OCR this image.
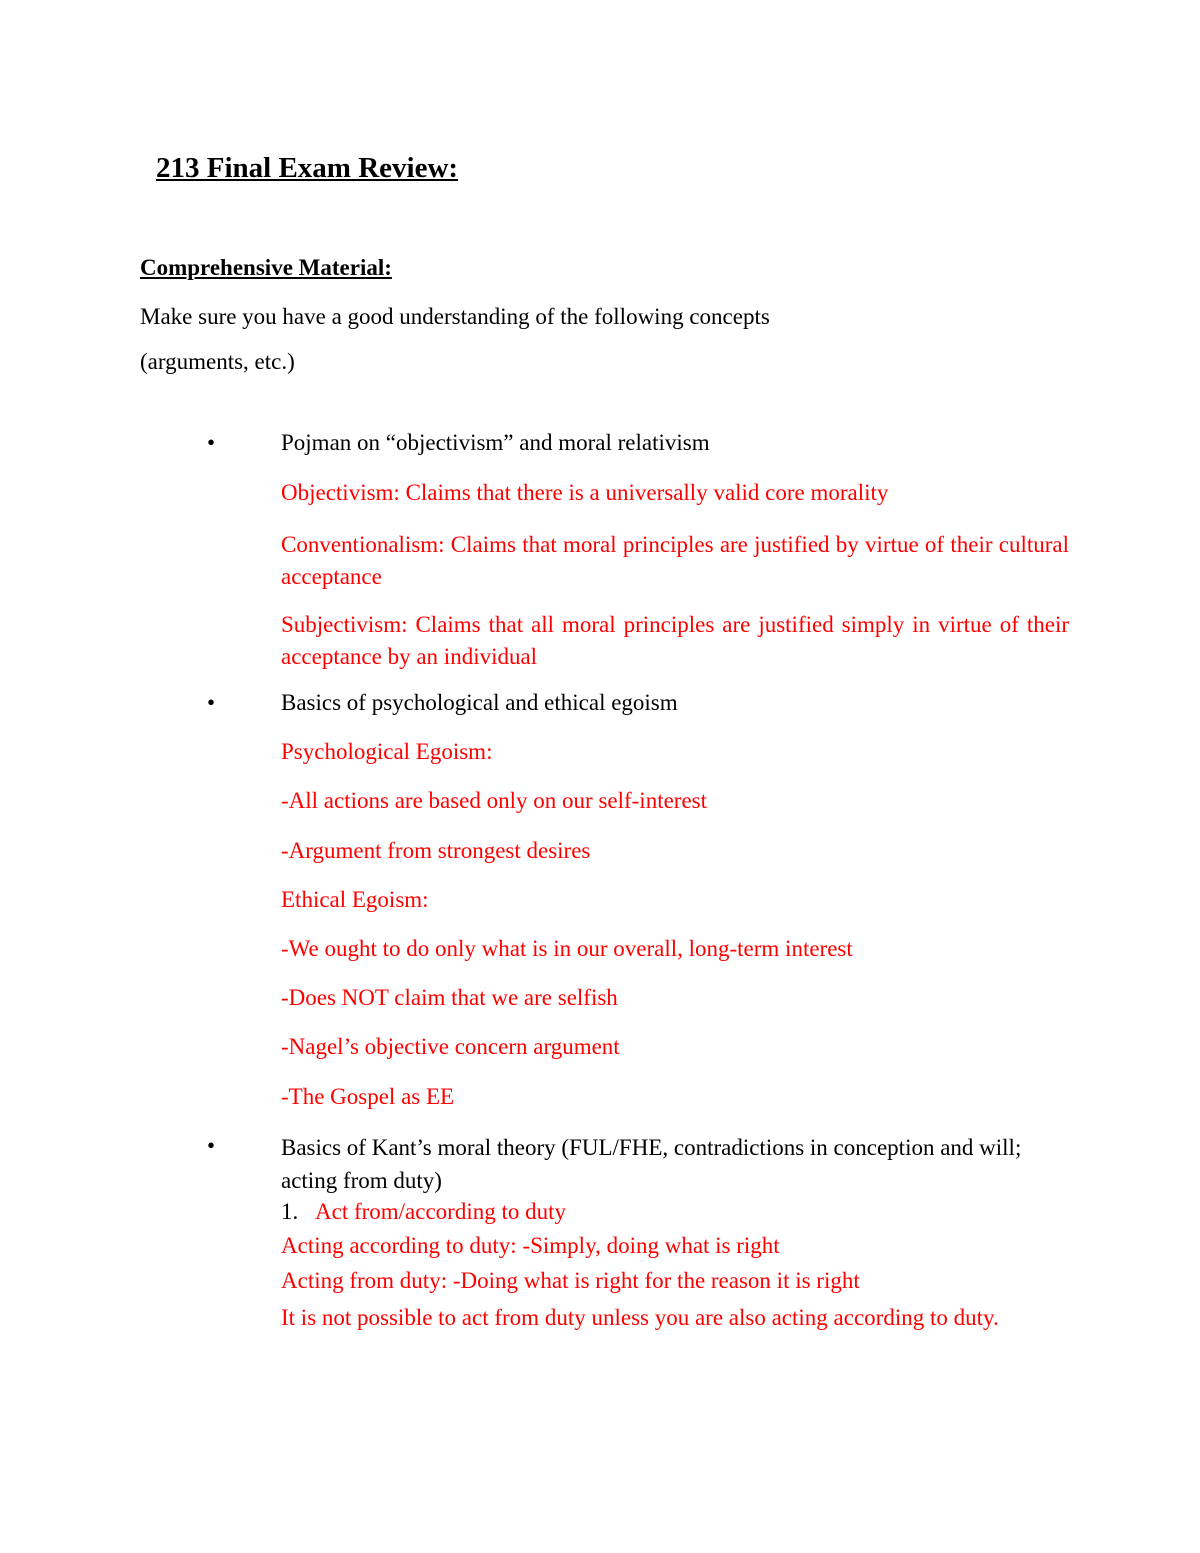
213 Final Exam Review:
Comprehensive Material:
Make sure you have a good understanding of the following concepts
(arguments, etc.)
•	Pojman on “objectivism” and moral relativism
Objectivism: Claims that there is a universally valid core morality
Conventionalism: Claims that moral principles are justified by virtue of their cultural acceptance
Subjectivism: Claims that all moral principles are justified simply in virtue of their acceptance by an individual
•	Basics of psychological and ethical egoism
Psychological Egoism:
-All actions are based only on our self-interest
-Argument from strongest desires
Ethical Egoism:
-We ought to do only what is in our overall, long-term interest
-Does NOT claim that we are selfish
-Nagel’s objective concern argument
-The Gospel as EE
•	Basics of Kant’s moral theory (FUL/FHE, contradictions in conception and will; acting from duty)
1. Act from/according to duty
Acting according to duty: -Simply, doing what is right
Acting from duty: -Doing what is right for the reason it is right
It is not possible to act from duty unless you are also acting according to duty.
